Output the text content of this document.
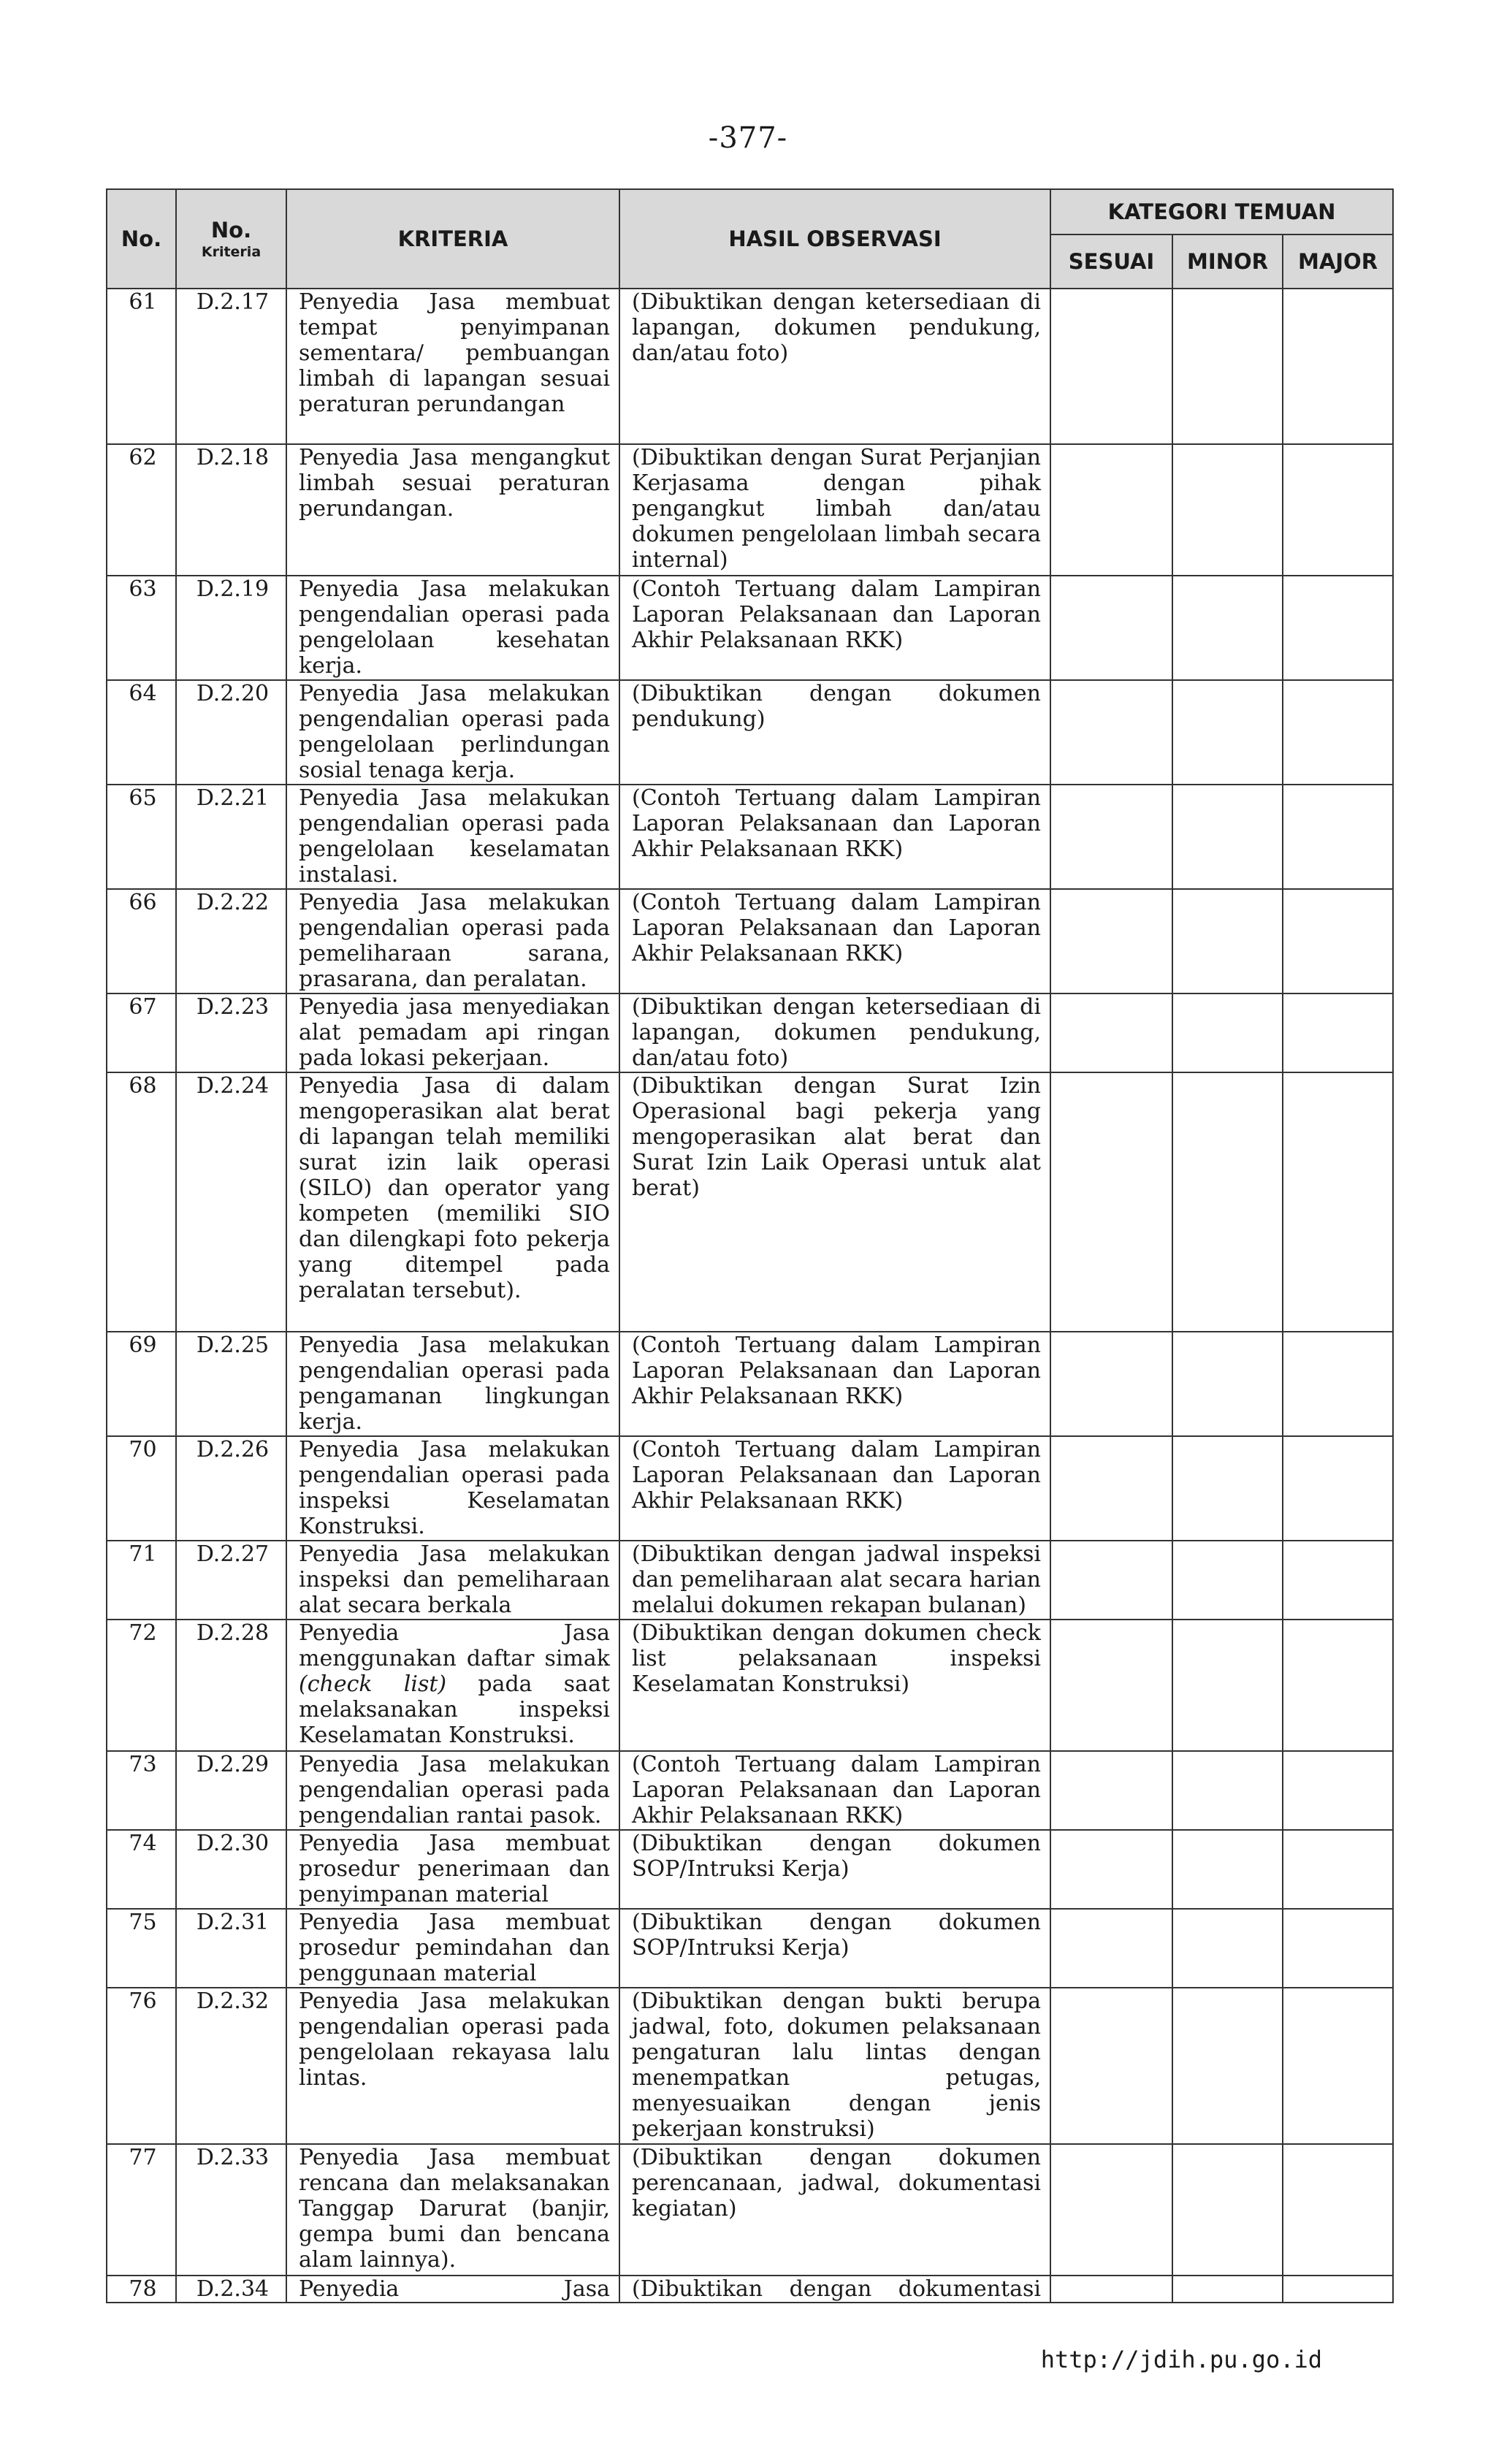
-377-
No.	No.
Kriteria	KRITERIA	HASIL OBSERVASI	KATEGORI TEMUAN		
				SESUAI	MINOR	MAJOR
61	D.2.17	Penyedia Jasa membuat tempat penyimpanan sementara/ pembuangan limbah di lapangan sesuai peraturan perundangan	(Dibuktikan dengan ketersediaan di lapangan, dokumen pendukung, dan/atau foto)			
62	D.2.18	Penyedia Jasa mengangkut limbah sesuai peraturan perundangan.	(Dibuktikan dengan Surat Perjanjian Kerjasama dengan pihak pengangkut limbah dan/atau dokumen pengelolaan limbah secara internal)			
63	D.2.19	Penyedia Jasa melakukan pengendalian operasi pada pengelolaan kesehatan kerja.	(Contoh Tertuang dalam Lampiran Laporan Pelaksanaan dan Laporan Akhir Pelaksanaan RKK)			
64	D.2.20	Penyedia Jasa melakukan pengendalian operasi pada pengelolaan perlindungan sosial tenaga kerja.	(Dibuktikan dengan dokumen pendukung)			
65	D.2.21	Penyedia Jasa melakukan pengendalian operasi pada pengelolaan keselamatan instalasi.	(Contoh Tertuang dalam Lampiran Laporan Pelaksanaan dan Laporan Akhir Pelaksanaan RKK)			
66	D.2.22	Penyedia Jasa melakukan pengendalian operasi pada pemeliharaan sarana, prasarana, dan peralatan.	(Contoh Tertuang dalam Lampiran Laporan Pelaksanaan dan Laporan Akhir Pelaksanaan RKK)			
67	D.2.23	Penyedia jasa menyediakan alat pemadam api ringan pada lokasi pekerjaan.	(Dibuktikan dengan ketersediaan di lapangan, dokumen pendukung, dan/atau foto)			
68	D.2.24	Penyedia Jasa di dalam mengoperasikan alat berat di lapangan telah memiliki surat izin laik operasi (SILO) dan operator yang kompeten (memiliki SIO dan dilengkapi foto pekerja yang ditempel pada peralatan tersebut).	(Dibuktikan dengan Surat Izin Operasional bagi pekerja yang mengoperasikan alat berat dan Surat Izin Laik Operasi untuk alat berat)			
69	D.2.25	Penyedia Jasa melakukan pengendalian operasi pada pengamanan lingkungan kerja.	(Contoh Tertuang dalam Lampiran Laporan Pelaksanaan dan Laporan Akhir Pelaksanaan RKK)			
70	D.2.26	Penyedia Jasa melakukan pengendalian operasi pada inspeksi Keselamatan Konstruksi.	(Contoh Tertuang dalam Lampiran Laporan Pelaksanaan dan Laporan Akhir Pelaksanaan RKK)			
71	D.2.27	Penyedia Jasa melakukan inspeksi dan pemeliharaan alat secara berkala	(Dibuktikan dengan jadwal inspeksi dan pemeliharaan alat secara harian melalui dokumen rekapan bulanan)			
72	D.2.28	Penyedia Jasa menggunakan daftar simak (check list) pada saat melaksanakan inspeksi Keselamatan Konstruksi.	(Dibuktikan dengan dokumen check list pelaksanaan inspeksi Keselamatan Konstruksi)			
73	D.2.29	Penyedia Jasa melakukan pengendalian operasi pada pengendalian rantai pasok.	(Contoh Tertuang dalam Lampiran Laporan Pelaksanaan dan Laporan Akhir Pelaksanaan RKK)			
74	D.2.30	Penyedia Jasa membuat prosedur penerimaan dan penyimpanan material	(Dibuktikan dengan dokumen SOP/Intruksi Kerja)			
75	D.2.31	Penyedia Jasa membuat prosedur pemindahan dan penggunaan material	(Dibuktikan dengan dokumen SOP/Intruksi Kerja)			
76	D.2.32	Penyedia Jasa melakukan pengendalian operasi pada pengelolaan rekayasa lalu lintas.	(Dibuktikan dengan bukti berupa jadwal, foto, dokumen pelaksanaan pengaturan lalu lintas dengan menempatkan petugas, menyesuaikan dengan jenis pekerjaan konstruksi)			
77	D.2.33	Penyedia Jasa membuat rencana dan melaksanakan Tanggap Darurat (banjir, gempa bumi dan bencana alam lainnya).	(Dibuktikan dengan dokumen perencanaan, jadwal, dokumentasi kegiatan)			
78	D.2.34	Penyedia Jasa	(Dibuktikan dengan dokumentasi			
http://jdih.pu.go.id
